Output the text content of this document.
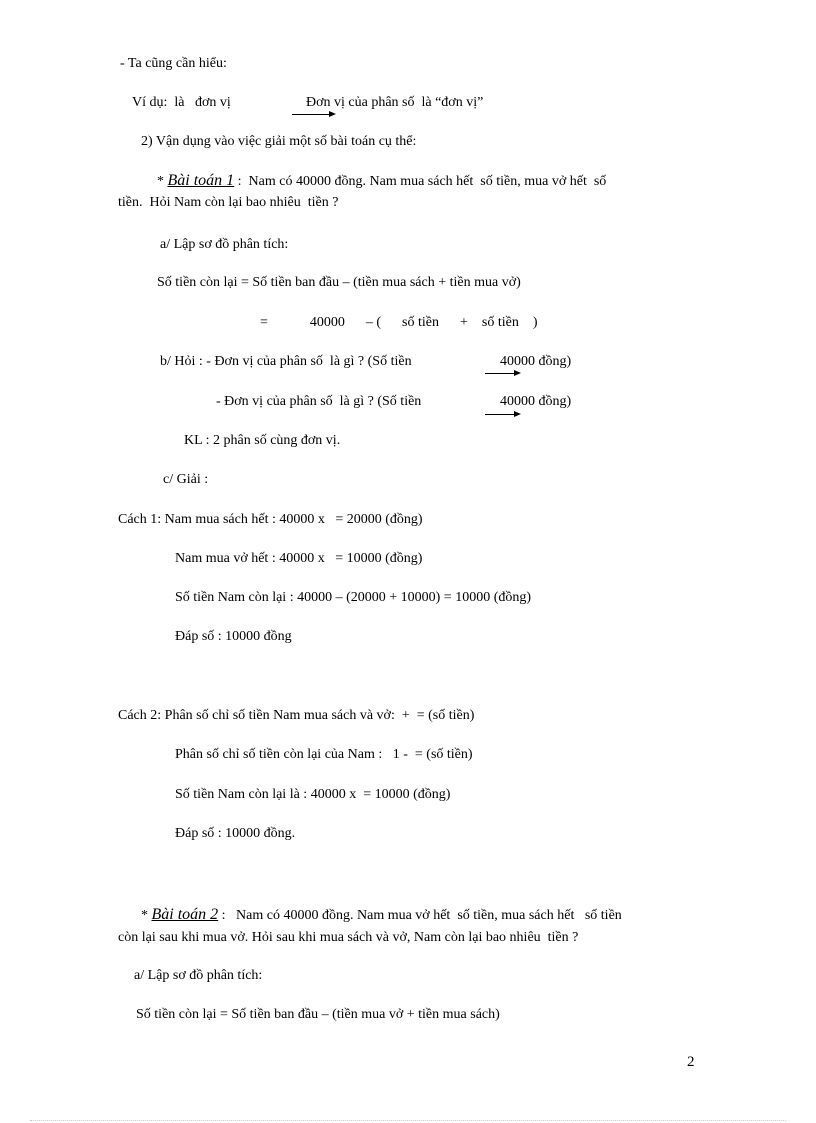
- Ta cũng cần hiểu:
Ví dụ:  là   đơn vị	Đơn vị của phân số  là “đơn vị”
2) Vận dụng vào việc giải một số bài toán cụ thể:
* Bài toán 1 :  Nam có 40000 đồng. Nam mua sách hết  số tiền, mua vở hết  số
tiền.  Hỏi Nam còn lại bao nhiêu  tiền ?
a/ Lập sơ đồ phân tích:
Số tiền còn lại = Số tiền ban đầu – (tiền mua sách + tiền mua vở)
=            40000      – (      số tiền      +    số tiền    )
b/ Hỏi : - Đơn vị của phân số  là gì ? (Số tiền	40000 đồng)
- Đơn vị của phân số  là gì ? (Số tiền	40000 đồng)
KL : 2 phân số cùng đơn vị.
c/ Giải :
Cách 1: Nam mua sách hết : 40000 x   = 20000 (đồng)
Nam mua vở hết : 40000 x   = 10000 (đồng)
Số tiền Nam còn lại : 40000 – (20000 + 10000) = 10000 (đồng)
Đáp số : 10000 đồng
Cách 2: Phân số chỉ số tiền Nam mua sách và vở:  +  = (số tiền)
Phân số chỉ số tiền còn lại của Nam :   1 -  = (số tiền)
Số tiền Nam còn lại là : 40000 x  = 10000 (đồng)
Đáp số : 10000 đồng.
* Bài toán 2 :   Nam có 40000 đồng. Nam mua vở hết  số tiền, mua sách hết   số tiền
còn lại sau khi mua vở. Hỏi sau khi mua sách và vở, Nam còn lại bao nhiêu  tiền ?
a/ Lập sơ đồ phân tích:
Số tiền còn lại = Số tiền ban đầu – (tiền mua vở + tiền mua sách)
2
